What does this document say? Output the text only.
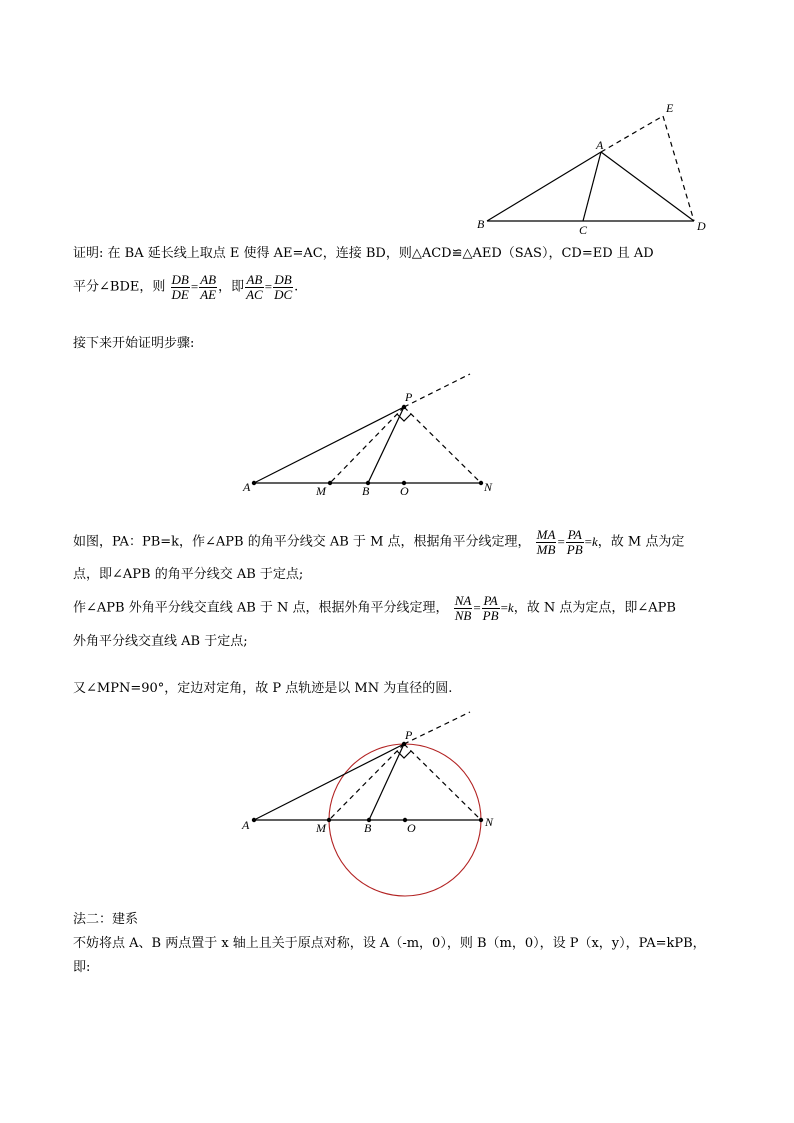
A
B	C	D
E
证明: 在 BA 延长线上取点 E 使得 AE=AC，连接 BD，则△ACD≌△AED（SAS），CD=ED 且 AD
平分∠BDE，则 $\frac{DB}{DE} = \frac{AB}{AE}$ ，即 $\frac{AB}{AC} = \frac{DB}{DC}$ .
接下来开始证明步骤:
A	M	B	O	N
P
如图，PA：PB=k，作∠APB 的角平分线交 AB 于 M 点，根据角平分线定理， $\frac{MA}{MB} = \frac{PA}{PB} =k$，故 M 点为定
点，即∠APB 的角平分线交 AB 于定点;
作∠APB 外角平分线交直线 AB 于 N 点，根据外角平分线定理， $\frac{NA}{NB} = \frac{PA}{PB} =k$，故 N 点为定点，即∠APB
外角平分线交直线 AB 于定点;
又∠MPN=90°，定边对定角，故 P 点轨迹是以 MN 为直径的圆.
A	M	B	O	N
P
法二：建系
不妨将点 A、B 两点置于 x 轴上且关于原点对称，设 A（-m，0），则 B（m，0），设 P（x，y），PA=kPB，
即:
